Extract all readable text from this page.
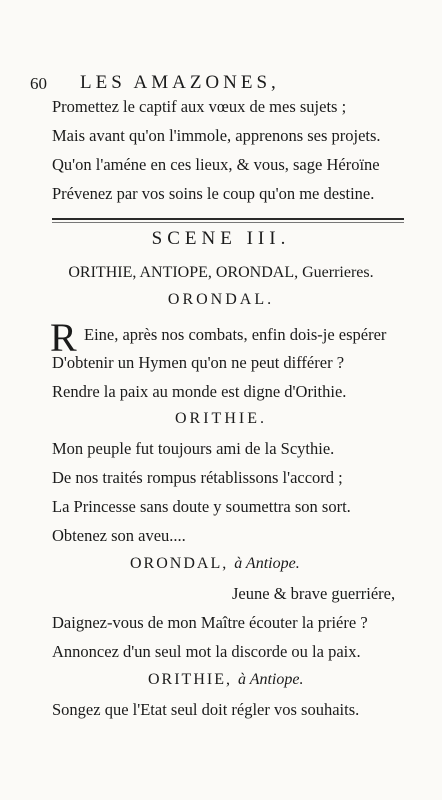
60 LES AMAZONES,
Promettez le captif aux vœux de mes sujets ;
Mais avant qu'on l'immole, apprenons ses projets.
Qu'on l'améne en ces lieux, & vous, sage Héroïne
Prévenez par vos soins le coup qu'on me destine.
SCENE III.
ORITHIE, ANTIOPE, ORONDAL, Guerrieres.
ORONDAL.
R Eine, après nos combats, enfin dois-je espérer
D'obtenir un Hymen qu'on ne peut différer ?
Rendre la paix au monde est digne d'Orithie.
ORITHIE.
Mon peuple fut toujours ami de la Scythie.
De nos traités rompus rétablissons l'accord ;
La Princesse sans doute y soumettra son sort.
Obtenez son aveu....
ORONDAL, à Antiope.
Jeune & brave guerriére,
Daignez-vous de mon Maître écouter la priére ?
Annoncez d'un seul mot la discorde ou la paix.
ORITHIE, à Antiope.
Songez que l'Etat seul doit régler vos souhaits.
